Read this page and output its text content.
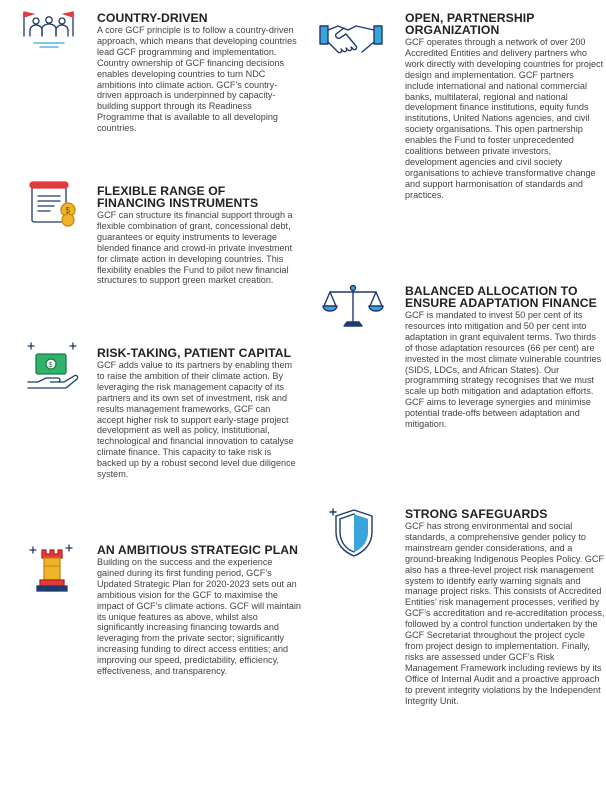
COUNTRY-DRIVEN
A core GCF principle is to follow a country-driven approach, which means that developing countries lead GCF programming and implementation. Country ownership of GCF financing decisions enables developing countries to turn NDC ambitions into climate action. GCF’s country-driven approach is underpinned by capacity-building support through its Readiness Programme that is available to all developing countries.
$
FLEXIBLE RANGE OF FINANCING INSTRUMENTS
GCF can structure its financial support through a flexible combination of grant, concessional debt, guarantees or equity instruments to leverage blended finance and crowd-in private investment for climate action in developing countries. This flexibility enables the Fund to pilot new financial structures to support green market creation.
$
RISK-TAKING, PATIENT CAPITAL
GCF adds value to its partners by enabling them to raise the ambition of their climate action. By leveraging the risk management capacity of its partners and its own set of investment, risk and results management frameworks, GCF can accept higher risk to support early-stage project development as well as policy, institutional, technological and financial innovation to catalyse climate finance. This capacity to take risk is backed up by a robust second level due diligence system.
AN AMBITIOUS STRATEGIC PLAN
Building on the success and the experience gained during its first funding period, GCF’s Updated Strategic Plan for 2020-2023 sets out an ambitious vision for the GCF to maximise the impact of GCF’s climate actions. GCF will maintain its unique features as above, whilst also significantly increasing financing towards and leveraging from the private sector; significantly increasing funding to direct access entities; and improving our speed, predictability, efficiency, effectiveness, and transparency.
OPEN, PARTNERSHIP ORGANIZATION
GCF operates through a network of over 200 Accredited Entities and delivery partners who work directly with developing countries for project design and implementation. GCF partners include international and national commercial banks, multilateral, regional and national development finance institutions, equity funds institutions, United Nations agencies, and civil society organisations. This open partnership enables the Fund to foster unprecedented coalitions between private investors, development agencies and civil society organisations to achieve transformative change and support harmonisation of standards and practices.
BALANCED ALLOCATION TO ENSURE ADAPTATION FINANCE
GCF is mandated to invest 50 per cent of its resources into mitigation and 50 per cent into adaptation in grant equivalent terms. Two thirds of those adaptation resources (66 per cent) are invested in the most climate vulnerable countries (SIDS, LDCs, and African States). Our programming strategy recognises that we must scale up both mitigation and adaptation efforts. GCF aims to leverage synergies and minimise potential trade-offs between adaptation and mitigation.
STRONG SAFEGUARDS
GCF has strong environmental and social standards, a comprehensive gender policy to mainstream gender considerations, and a ground-breaking Indigenous Peoples Policy. GCF also has a three-level project risk management system to identify early warning signals and manage project risks. This consists of Accredited Entities’ risk management processes, verified by GCF’s accreditation and re-accreditation process, followed by a control function undertaken by the GCF Secretariat throughout the project cycle from project design to implementation. Finally, risks are assessed under GCF’s Risk Management Framework including reviews by its Office of Internal Audit and a proactive approach to prevent integrity violations by the Independent Integrity Unit.
